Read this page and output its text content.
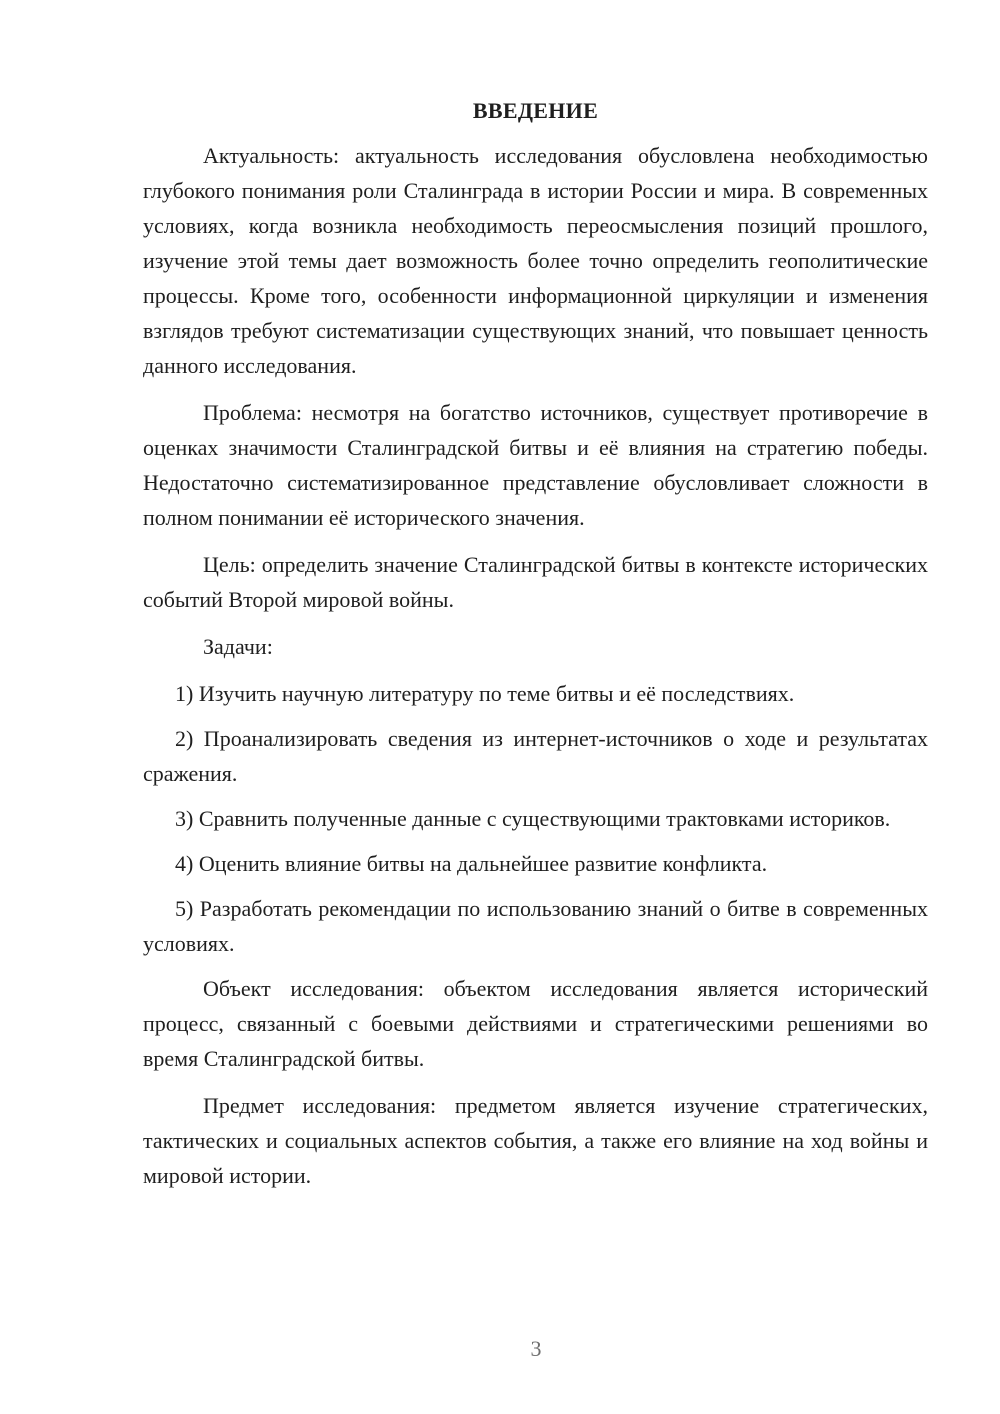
ВВЕДЕНИЕ

Актуальность: актуальность исследования обусловлена необходимостью глубокого понимания роли Сталинграда в истории России и мира. В современных условиях, когда возникла необходимость переосмысления позиций прошлого, изучение этой темы дает возможность более точно определить геополитические процессы. Кроме того, особенности информационной циркуляции и изменения взглядов требуют систематизации существующих знаний, что повышает ценность данного исследования.

Проблема: несмотря на богатство источников, существует противоречие в оценках значимости Сталинградской битвы и её влияния на стратегию победы. Недостаточно систематизированное представление обусловливает сложности в полном понимании её исторического значения.

Цель: определить значение Сталинградской битвы в контексте исторических событий Второй мировой войны.

Задачи:

1) Изучить научную литературу по теме битвы и её последствиях.

2) Проанализировать сведения из интернет-источников о ходе и результатах сражения.

3) Сравнить полученные данные с существующими трактовками историков.

4) Оценить влияние битвы на дальнейшее развитие конфликта.

5) Разработать рекомендации по использованию знаний о битве в современных условиях.

Объект исследования: объектом исследования является исторический процесс, связанный с боевыми действиями и стратегическими решениями во время Сталинградской битвы.

Предмет исследования: предметом является изучение стратегических, тактических и социальных аспектов события, а также его влияние на ход войны и мировой истории.

3
